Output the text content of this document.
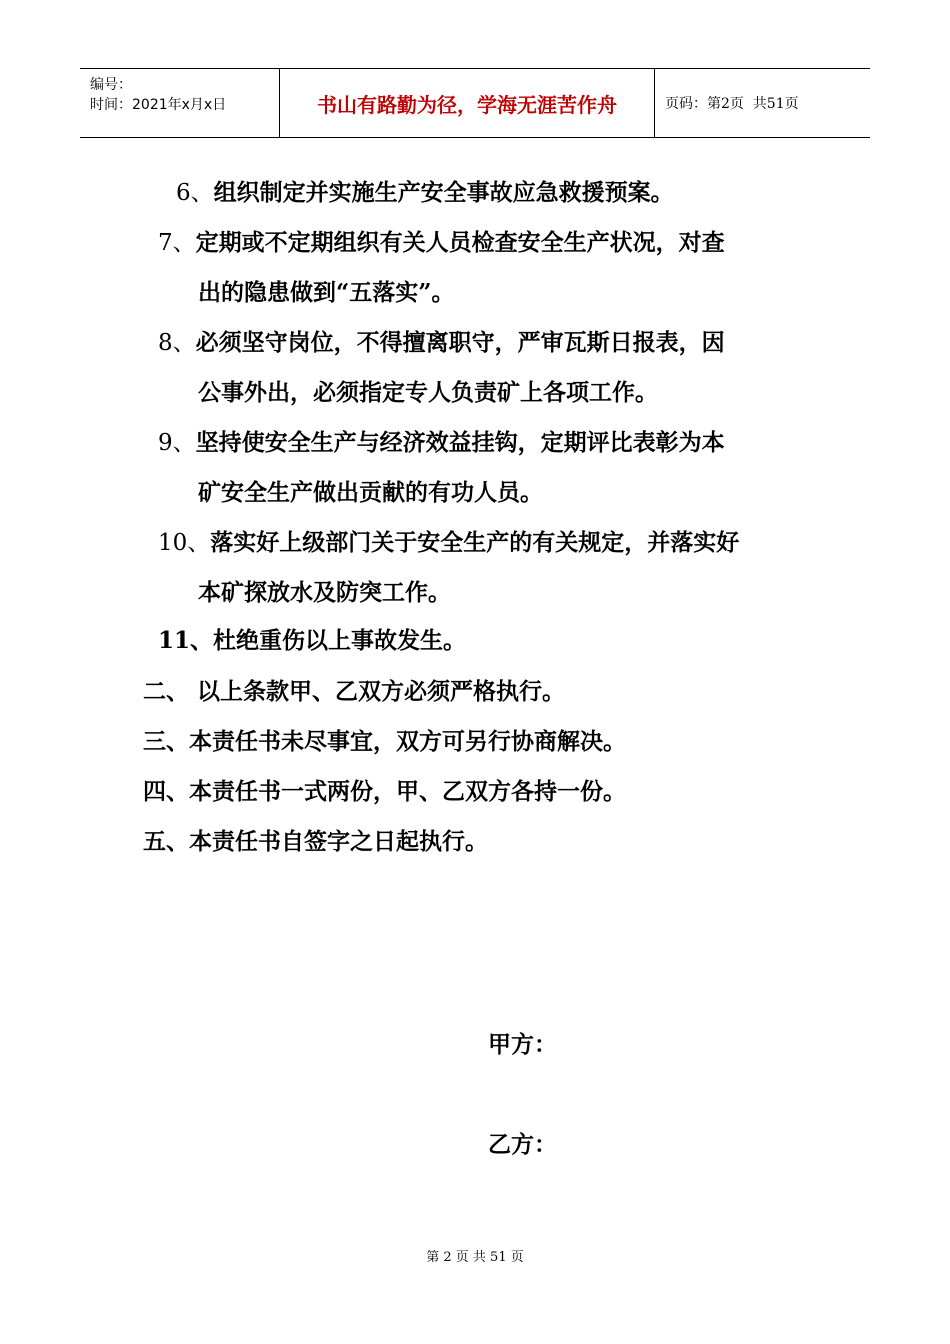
编号：
时间：2021年x月x日	书山有路勤为径，学海无涯苦作舟	页码：第2页  共51页
6、组织制定并实施生产安全事故应急救援预案。
7、定期或不定期组织有关人员检查安全生产状况，对查
出的隐患做到“五落实”。
8、必须坚守岗位，不得擅离职守，严审瓦斯日报表，因
公事外出，必须指定专人负责矿上各项工作。
9、坚持使安全生产与经济效益挂钩，定期评比表彰为本
矿安全生产做出贡献的有功人员。
10、落实好上级部门关于安全生产的有关规定，并落实好
本矿探放水及防突工作。
11、杜绝重伤以上事故发生。
二、 以上条款甲、乙双方必须严格执行。
三、本责任书未尽事宜，双方可另行协商解决。
四、本责任书一式两份，甲、乙双方各持一份。
五、本责任书自签字之日起执行。
甲方：
乙方：
第 2 页 共 51 页
